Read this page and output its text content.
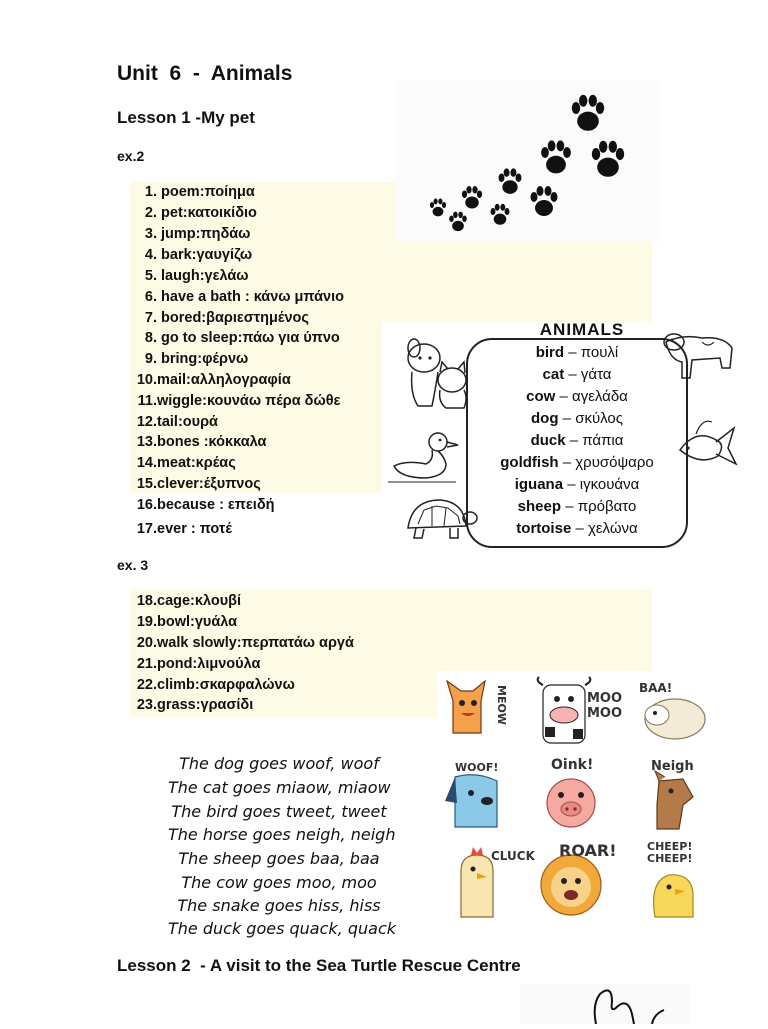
Unit  6  -  Animals
Lesson 1 -My pet
ex.2
1. poem:ποίημα
2. pet:κατοικίδιο
3. jump:πηδάω
4. bark:γαυγίζω
5. laugh:γελάω
6. have a bath : κάνω μπάνιο
7. bored:βαριεστημένος
8. go to sleep:πάω για ύπνο
9. bring:φέρνω
10.mail:αλληλογραφία
11.wiggle:κουνάω πέρα δώθε
12.tail:ουρά
13.bones :κόκκαλα
14.meat:κρέας
15.clever:έξυπνος
16.because : επειδή
17.ever : ποτέ
ex. 3
18.cage:κλουβί
19.bowl:γυάλα
20.walk slowly:περπατάω αργά
21.pond:λιμνούλα
22.climb:σκαρφαλώνω
23.grass:γρασίδι
ANIMALS
bird – πουλί
cat – γάτα
cow – αγελάδα
dog – σκύλος
duck – πάπια
goldfish – χρυσόψαρο
iguana – ιγκουάνα
sheep – πρόβατο
tortoise – χελώνα
MEOW	MOO MOO
BAA!
WOOF!	Oink!	Neigh
CLUCK ROAR!	CHEEP! CHEEP!
The dog goes woof, woof
The cat goes miaow, miaow
The bird goes tweet, tweet
The horse goes neigh, neigh
The sheep goes baa, baa
The cow goes moo, moo
The snake goes hiss, hiss
The duck goes quack, quack
Lesson 2  - A visit to the Sea Turtle Rescue Centre
